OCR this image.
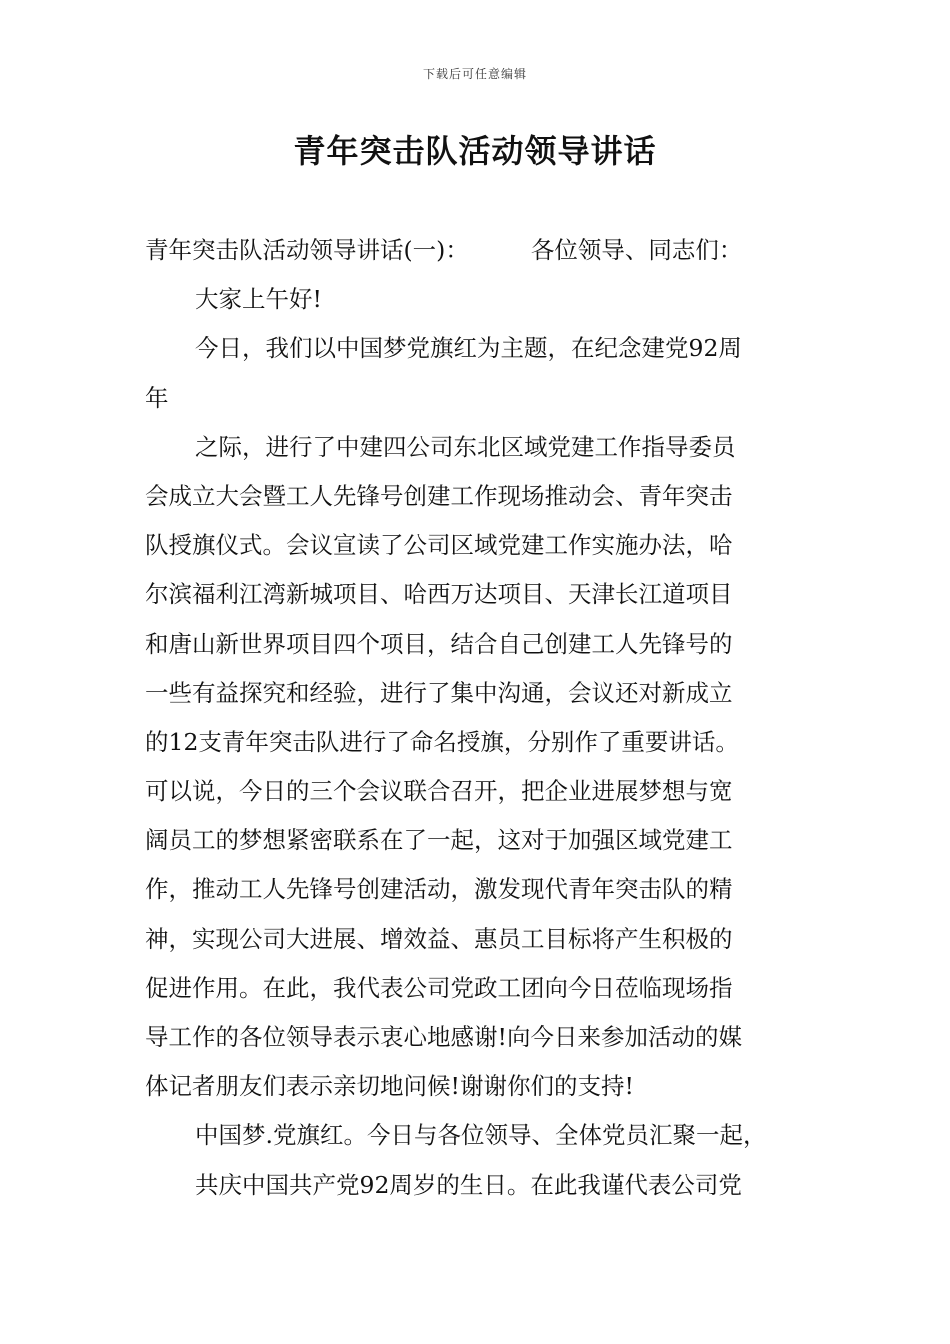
下载后可任意编辑
青年突击队活动领导讲话
青年突击队活动领导讲话(一)：	各位领导、同志们：
大家上午好!
今日，我们以中国梦党旗红为主题，在纪念建党92周
年
之际，进行了中建四公司东北区域党建工作指导委员
会成立大会暨工人先锋号创建工作现场推动会、青年突击
队授旗仪式。会议宣读了公司区域党建工作实施办法，哈
尔滨福利江湾新城项目、哈西万达项目、天津长江道项目
和唐山新世界项目四个项目，结合自己创建工人先锋号的
一些有益探究和经验，进行了集中沟通，会议还对新成立
的12支青年突击队进行了命名授旗，分别作了重要讲话。
可以说，今日的三个会议联合召开，把企业进展梦想与宽
阔员工的梦想紧密联系在了一起，这对于加强区域党建工
作，推动工人先锋号创建活动，激发现代青年突击队的精
神，实现公司大进展、增效益、惠员工目标将产生积极的
促进作用。在此，我代表公司党政工团向今日莅临现场指
导工作的各位领导表示衷心地感谢!向今日来参加活动的媒
体记者朋友们表示亲切地问候!谢谢你们的支持!
中国梦.党旗红。今日与各位领导、全体党员汇聚一起，
共庆中国共产党92周岁的生日。在此我谨代表公司党
